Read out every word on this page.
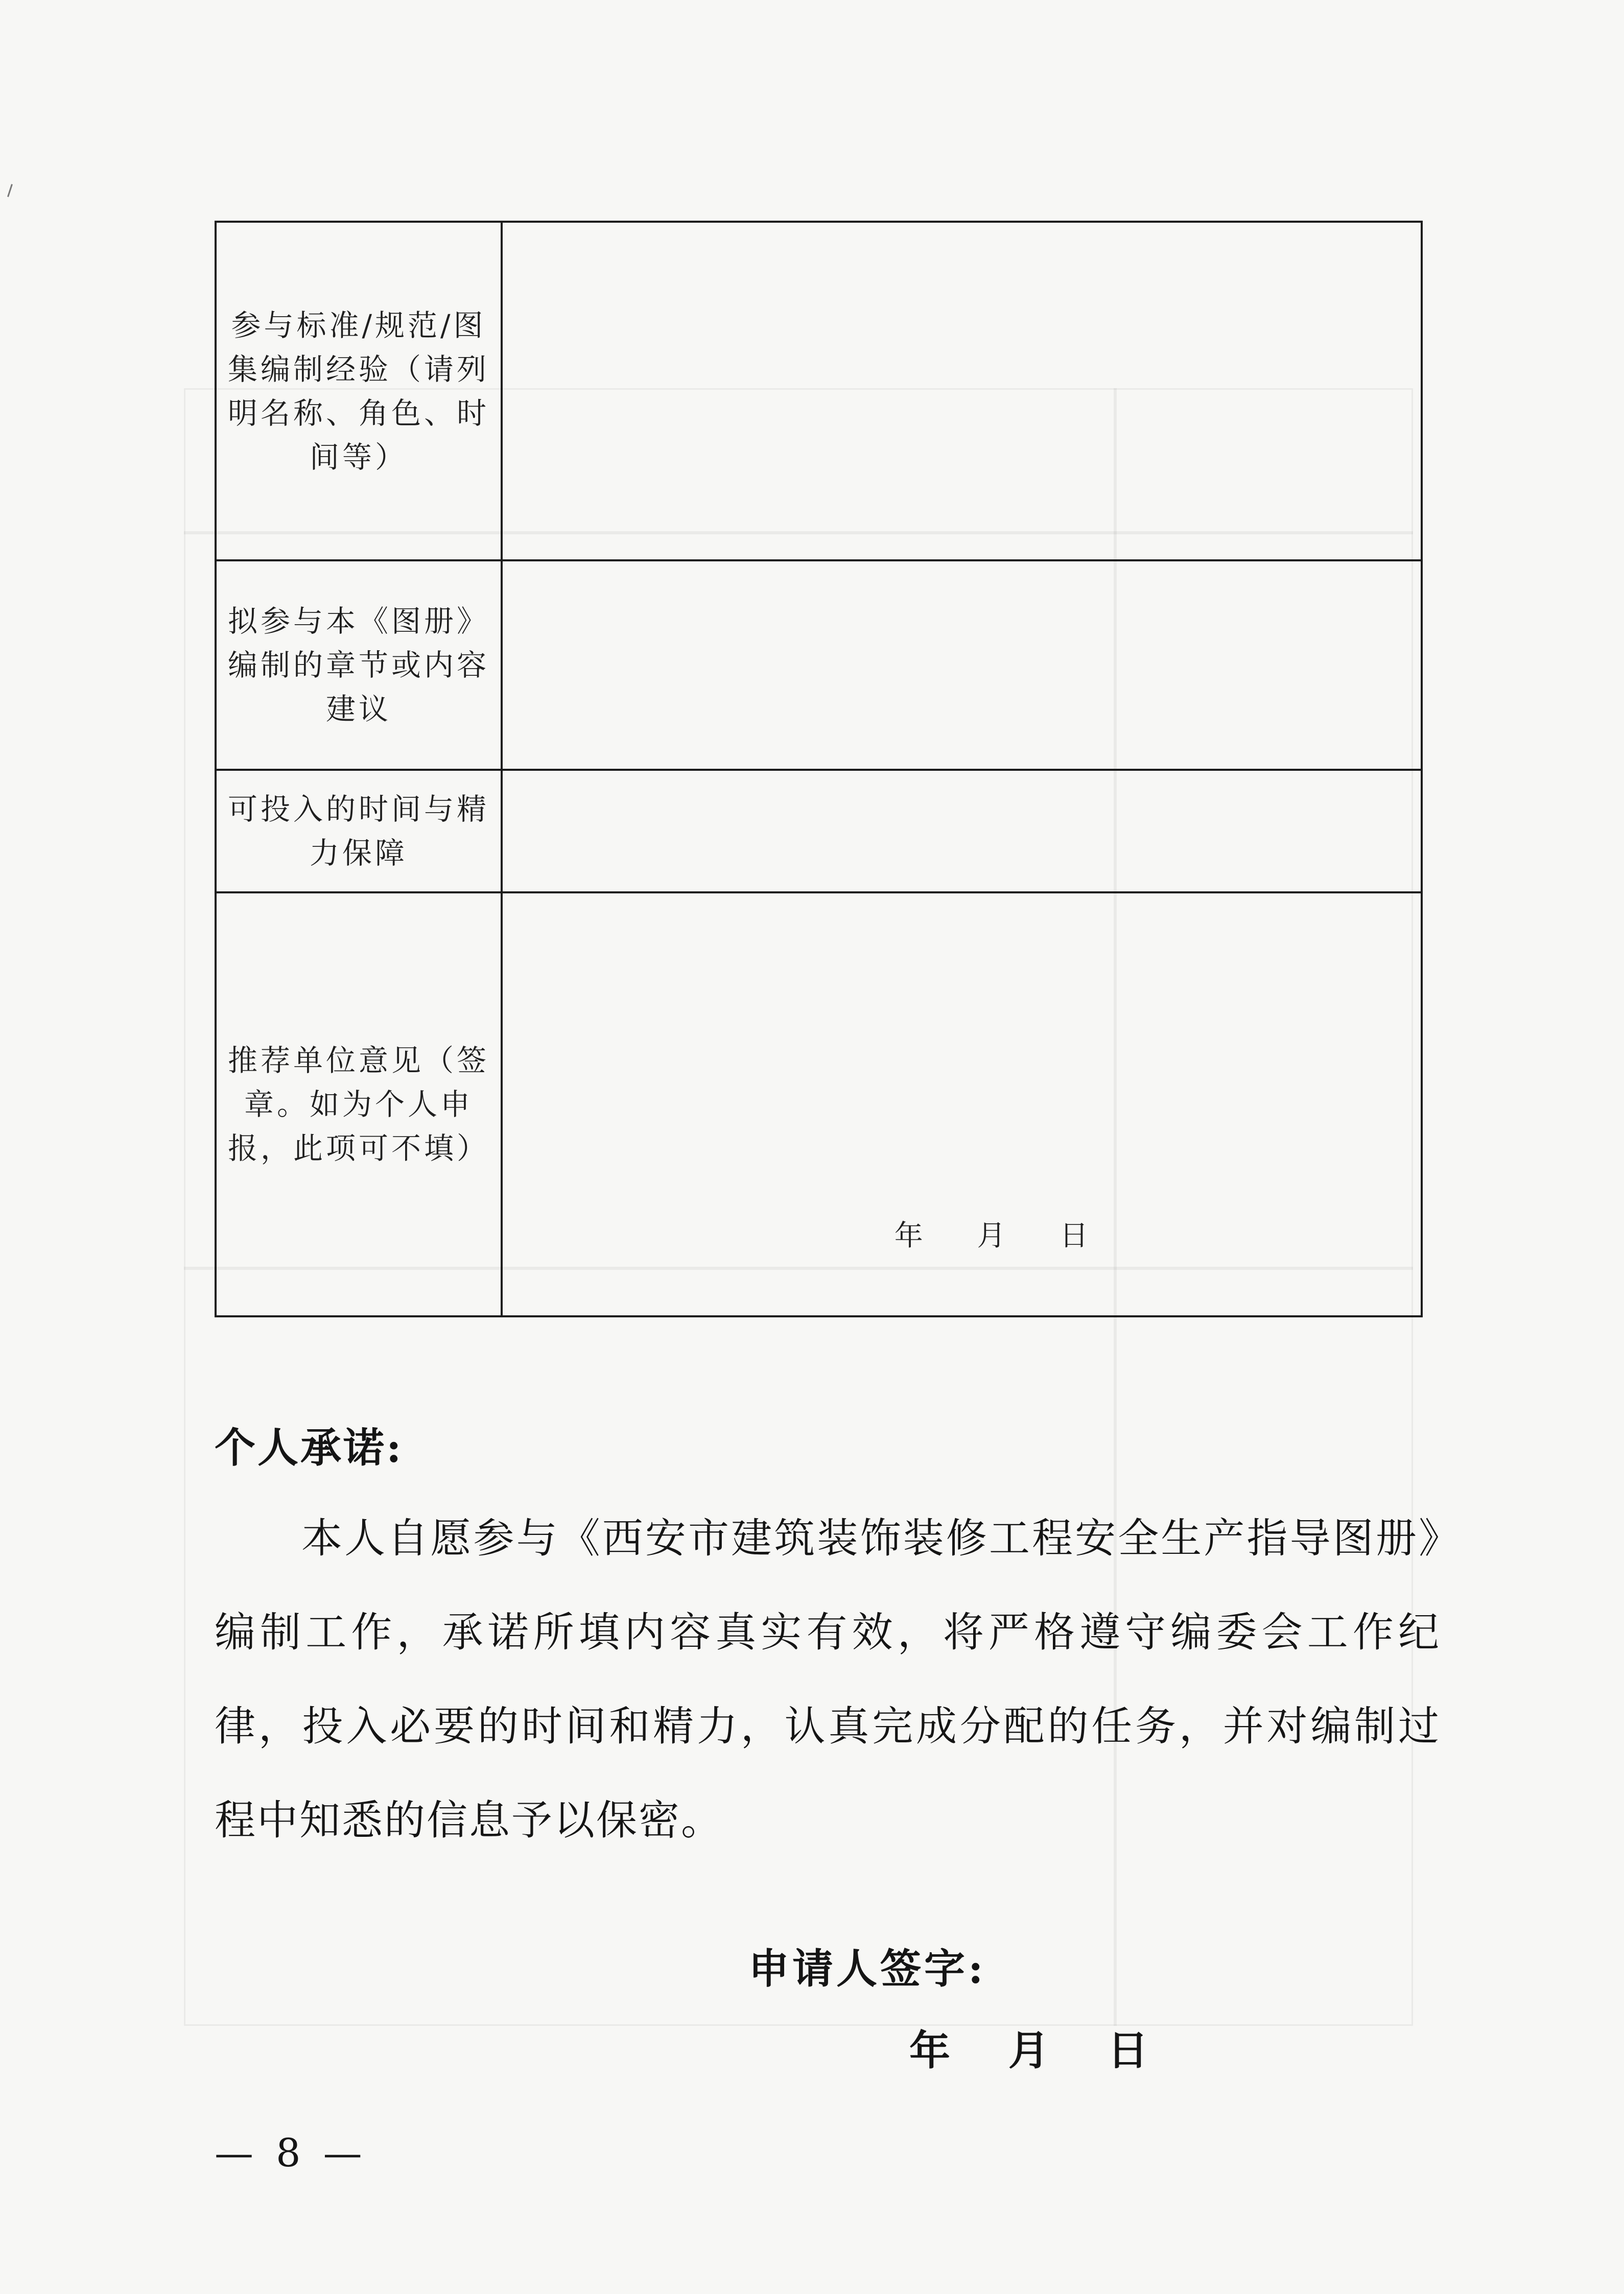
参与标准/规范/图集编制经验（请列明名称、角色、时间等）	

拟参与本《图册》编制的章节或内容建议	

可投入的时间与精力保障	

推荐单位意见（签章。如为个人申报，此项可不填）	年 月 日
个人承诺:
本人自愿参与《西安市建筑装饰装修工程安全生产指导图册》编制工作，承诺所填内容真实有效，将严格遵守编委会工作纪律，投入必要的时间和精力，认真完成分配的任务，并对编制过程中知悉的信息予以保密。
申请人签字:
年 月 日
— 8 —
